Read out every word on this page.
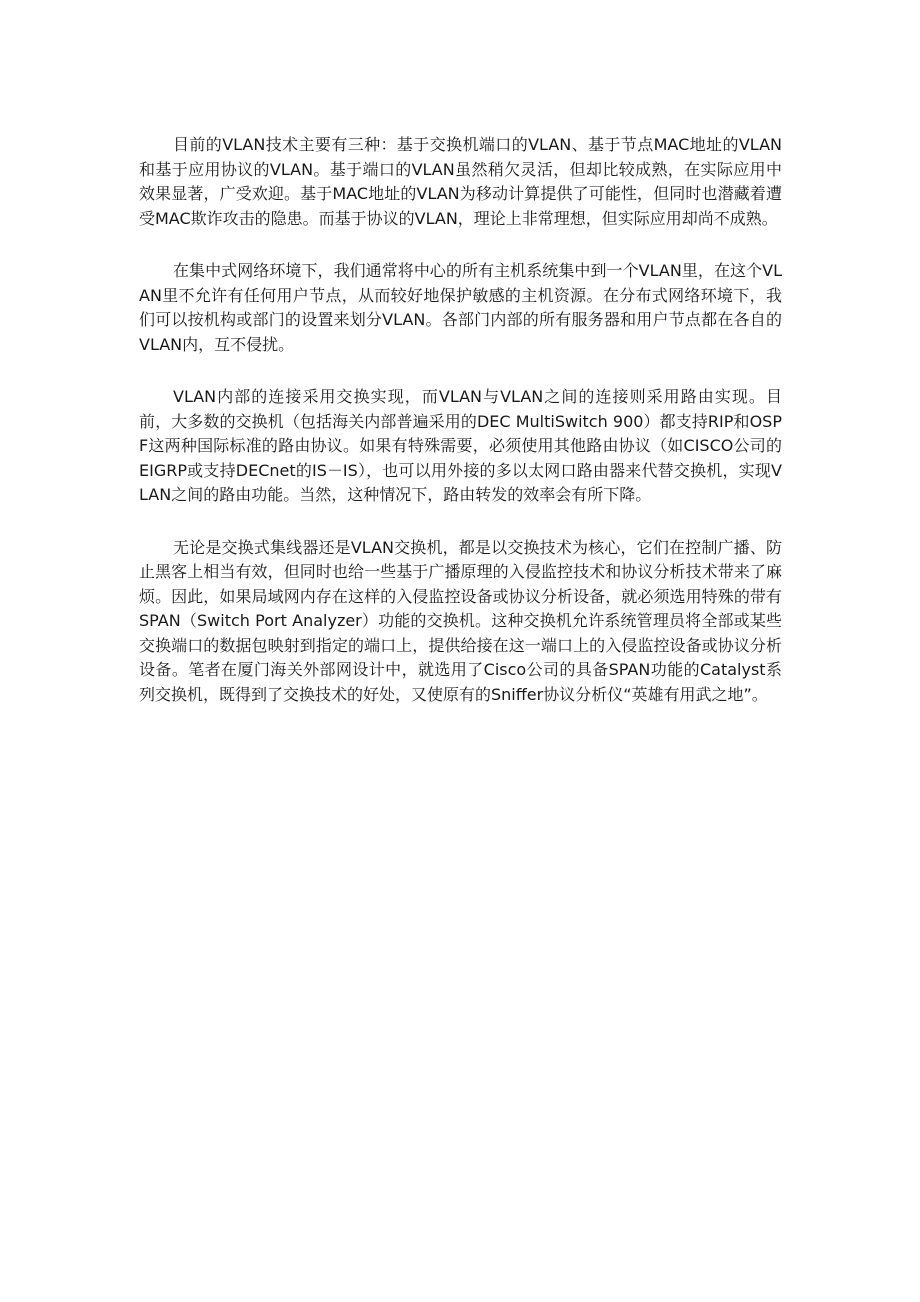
目前的VLAN技术主要有三种：基于交换机端口的VLAN、基于节点MAC地址的VLAN和基于应用协议的VLAN。基于端口的VLAN虽然稍欠灵活，但却比较成熟，在实际应用中效果显著，广受欢迎。基于MAC地址的VLAN为移动计算提供了可能性，但同时也潜藏着遭受MAC欺诈攻击的隐患。而基于协议的VLAN，理论上非常理想，但实际应用却尚不成熟。

在集中式网络环境下，我们通常将中心的所有主机系统集中到一个VLAN里，在这个VLAN里不允许有任何用户节点，从而较好地保护敏感的主机资源。在分布式网络环境下，我们可以按机构或部门的设置来划分VLAN。各部门内部的所有服务器和用户节点都在各自的VLAN内，互不侵扰。

VLAN内部的连接采用交换实现，而VLAN与VLAN之间的连接则采用路由实现。目前，大多数的交换机（包括海关内部普遍采用的DEC MultiSwitch 900）都支持RIP和OSPF这两种国际标准的路由协议。如果有特殊需要，必须使用其他路由协议（如CISCO公司的EIGRP或支持DECnet的IS－IS），也可以用外接的多以太网口路由器来代替交换机，实现VLAN之间的路由功能。当然，这种情况下，路由转发的效率会有所下降。

无论是交换式集线器还是VLAN交换机，都是以交换技术为核心，它们在控制广播、防止黑客上相当有效，但同时也给一些基于广播原理的入侵监控技术和协议分析技术带来了麻烦。因此，如果局域网内存在这样的入侵监控设备或协议分析设备，就必须选用特殊的带有SPAN（Switch Port Analyzer）功能的交换机。这种交换机允许系统管理员将全部或某些交换端口的数据包映射到指定的端口上，提供给接在这一端口上的入侵监控设备或协议分析设备。笔者在厦门海关外部网设计中，就选用了Cisco公司的具备SPAN功能的Catalyst系列交换机，既得到了交换技术的好处，又使原有的Sniffer协议分析仪“英雄有用武之地”。
